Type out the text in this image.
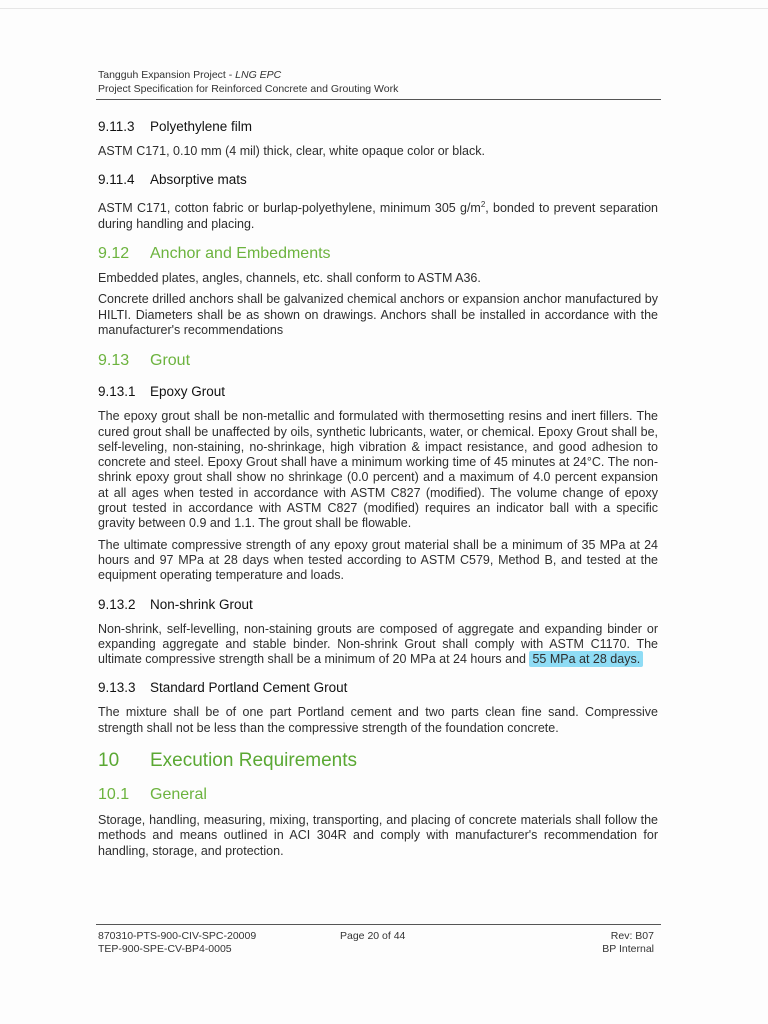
Tangguh Expansion Project - LNG EPC
Project Specification for Reinforced Concrete and Grouting Work
9.11.3 Polyethylene film

ASTM C171, 0.10 mm (4 mil) thick, clear, white opaque color or black.

9.11.4 Absorptive mats

ASTM C171, cotton fabric or burlap-polyethylene, minimum 305 $g/m^2$, bonded to prevent separation during handling and placing.

9.12 Anchor and Embedments

Embedded plates, angles, channels, etc. shall conform to ASTM A36.

Concrete drilled anchors shall be galvanized chemical anchors or expansion anchor manufactured by HILTI. Diameters shall be as shown on drawings. Anchors shall be installed in accordance with the manufacturer's recommendations

9.13 Grout
9.13.1 Epoxy Grout

The epoxy grout shall be non-metallic and formulated with thermosetting resins and inert fillers. The cured grout shall be unaffected by oils, synthetic lubricants, water, or chemical. Epoxy Grout shall be, self-leveling, non-staining, no-shrinkage, high vibration & impact resistance, and good adhesion to concrete and steel. Epoxy Grout shall have a minimum working time of 45 minutes at 24°C. The non-shrink epoxy grout shall show no shrinkage (0.0 percent) and a maximum of 4.0 percent expansion at all ages when tested in accordance with ASTM C827 (modified). The volume change of epoxy grout tested in accordance with ASTM C827 (modified) requires an indicator ball with a specific gravity between 0.9 and 1.1. The grout shall be flowable.

The ultimate compressive strength of any epoxy grout material shall be a minimum of 35 MPa at 24 hours and 97 MPa at 28 days when tested according to ASTM C579, Method B, and tested at the equipment operating temperature and loads.

9.13.2 Non-shrink Grout

Non-shrink, self-levelling, non-staining grouts are composed of aggregate and expanding binder or expanding aggregate and stable binder. Non-shrink Grout shall comply with ASTM C1170. The ultimate compressive strength shall be a minimum of 20 MPa at 24 hours and 55 MPa at 28 days.

9.13.3 Standard Portland Cement Grout

The mixture shall be of one part Portland cement and two parts clean fine sand. Compressive strength shall not be less than the compressive strength of the foundation concrete.

10 Execution Requirements
10.1 General

Storage, handling, measuring, mixing, transporting, and placing of concrete materials shall follow the methods and means outlined in ACI 304R and comply with manufacturer's recommendation for handling, storage, and protection.

870310-PTS-900-CIV-SPC-20009
TEP-900-SPE-CV-BP4-0005
Page 20 of 44	Rev: B07
BP Internal
